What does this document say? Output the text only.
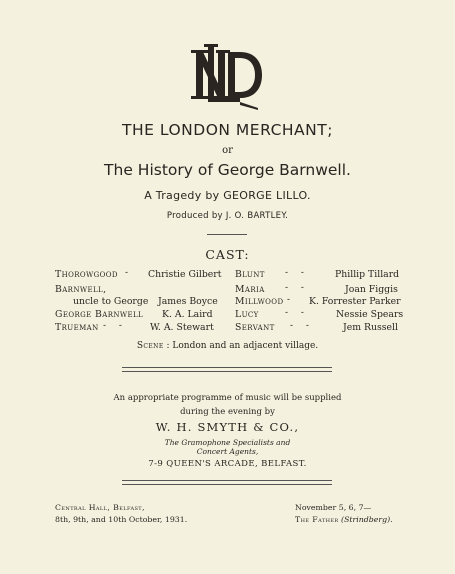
THE LONDON MERCHANT;
or
The History of George Barnwell.
A Tragedy by GEORGE LILLO.
Produced by J. O. BARTLEY.
CAST:
Thorowgood - Christie Gilbert
Barnwell,
uncle to George James Boyce
George Barnwell K. A. Laird
Trueman - -	W. A. Stewart
Blunt - -	Phillip Tillard
Maria - -	Joan Figgis
Millwood - K. Forrester Parker
Lucy	- -	Nessie Spears
Servant - -	Jem Russell
Scene : London and an adjacent village.
An appropriate programme of music will be supplied
during the evening by
W. H. SMYTH & CO.,
The Gramophone Specialists and
Concert Agents,
7-9 QUEEN'S ARCADE, BELFAST.
Central Hall, Belfast,
8th, 9th, and 10th October, 1931.
November 5, 6, 7—
The Father (Strindberg).
